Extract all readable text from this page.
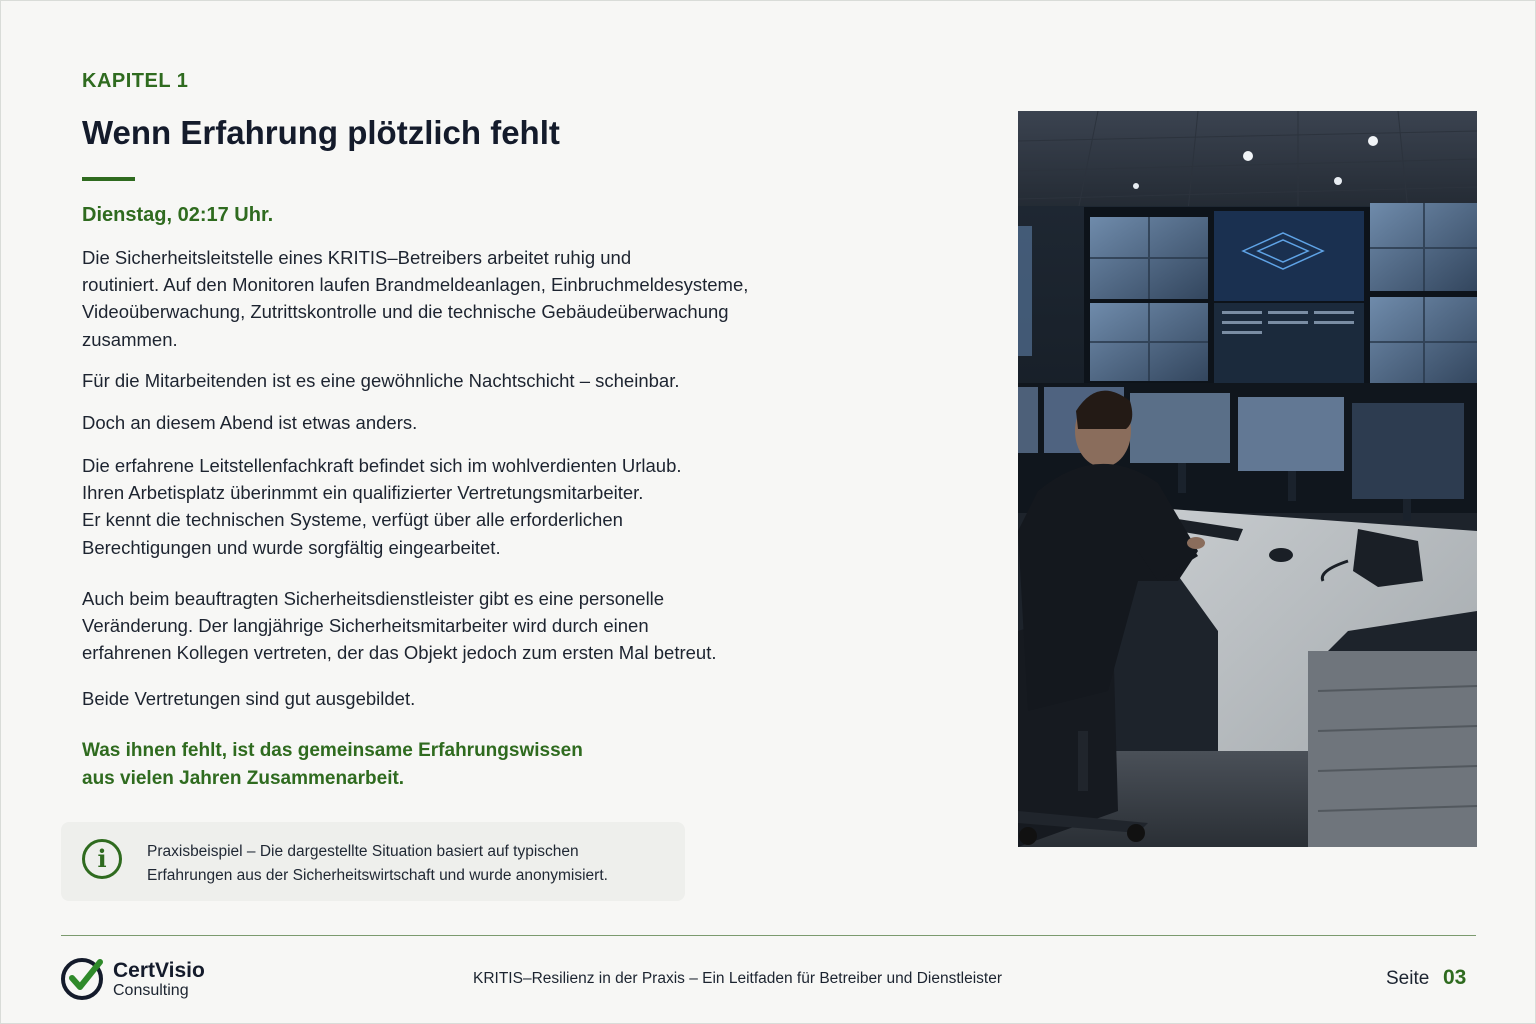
KAPITEL 1
Wenn Erfahrung plötzlich fehlt
Dienstag, 02:17 Uhr.

Die Sicherheitsleitstelle eines KRITIS–Betreibers arbeitet ruhig und
routiniert. Auf den Monitoren laufen Brandmeldeanlagen, Einbruchmeldesysteme,
Videoüberwachung, Zutrittskontrolle und die technische Gebäudeüberwachung
zusammen.

Für die Mitarbeitenden ist es eine gewöhnliche Nachtschicht – scheinbar.

Doch an diesem Abend ist etwas anders.

Die erfahrene Leitstellenfachkraft befindet sich im wohlverdienten Urlaub.
Ihren Arbetisplatz überinmmt ein qualifizierter Vertretungsmitarbeiter.
Er kennt die technischen Systeme, verfügt über alle erforderlichen
Berechtigungen und wurde sorgfältig eingearbeitet.

Auch beim beauftragten Sicherheitsdienstleister gibt es eine personelle
Veränderung. Der langjährige Sicherheitsmitarbeiter wird durch einen
erfahrenen Kollegen vertreten, der das Objekt jedoch zum ersten Mal betreut.

Beide Vertretungen sind gut ausgebildet.

Was ihnen fehlt, ist das gemeinsame Erfahrungswissen
aus vielen Jahren Zusammenarbeit.

i	Praxisbeispiel – Die dargestellte Situation basiert auf typischen
Erfahrungen aus der Sicherheitswirtschaft und wurde anonymisiert.

CertVisio
Consulting
KRITIS–Resilienz in der Praxis – Ein Leitfaden für Betreiber und Dienstleister	Seite 03
